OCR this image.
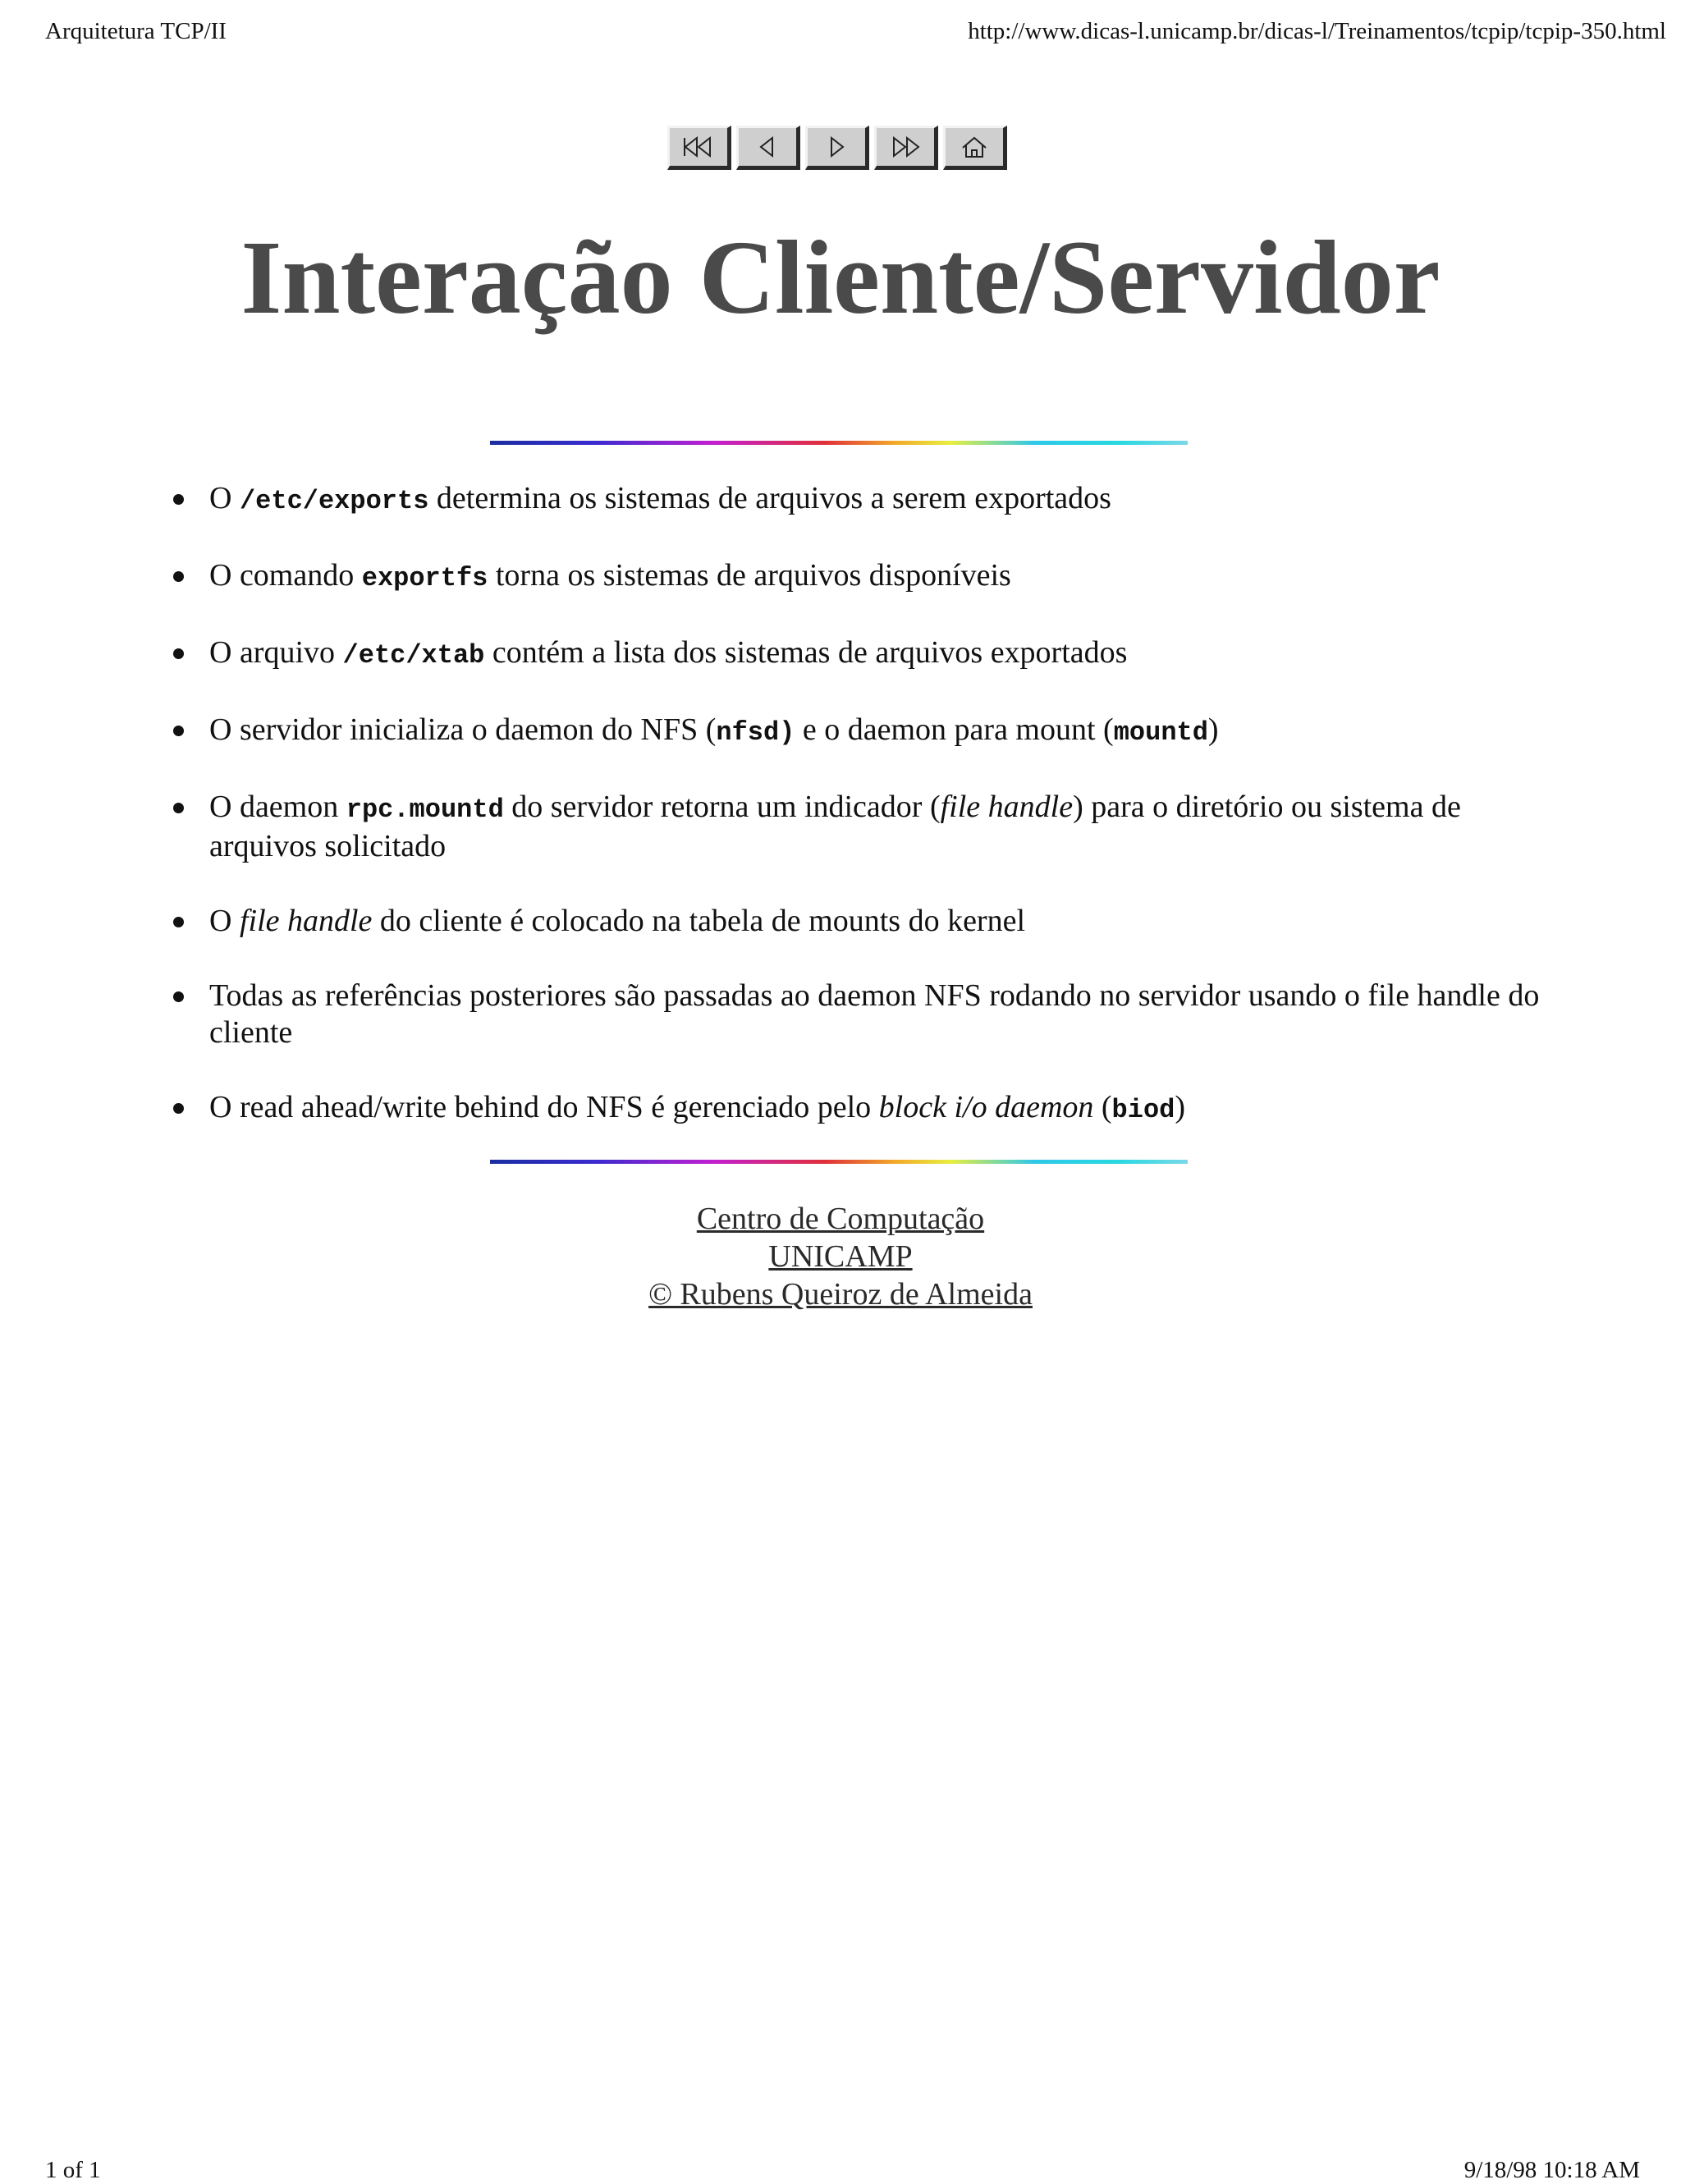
Arquitetura TCP/II	http://www.dicas-l.unicamp.br/dicas-l/Treinamentos/tcpip/tcpip-350.html
Interação Cliente/Servidor
O /etc/exports determina os sistemas de arquivos a serem exportados
O comando exportfs torna os sistemas de arquivos disponíveis
O arquivo /etc/xtab contém a lista dos sistemas de arquivos exportados
O servidor inicializa o daemon do NFS (nfsd) e o daemon para mount (mountd)
O daemon rpc.mountd do servidor retorna um indicador (file handle) para o diretório ou sistema de arquivos solicitado
O file handle do cliente é colocado na tabela de mounts do kernel
Todas as referências posteriores são passadas ao daemon NFS rodando no servidor usando o file handle do cliente
O read ahead/write behind do NFS é gerenciado pelo block i/o daemon (biod)
Centro de Computação
UNICAMP
© Rubens Queiroz de Almeida
1 of 1	9/18/98 10:18 AM
